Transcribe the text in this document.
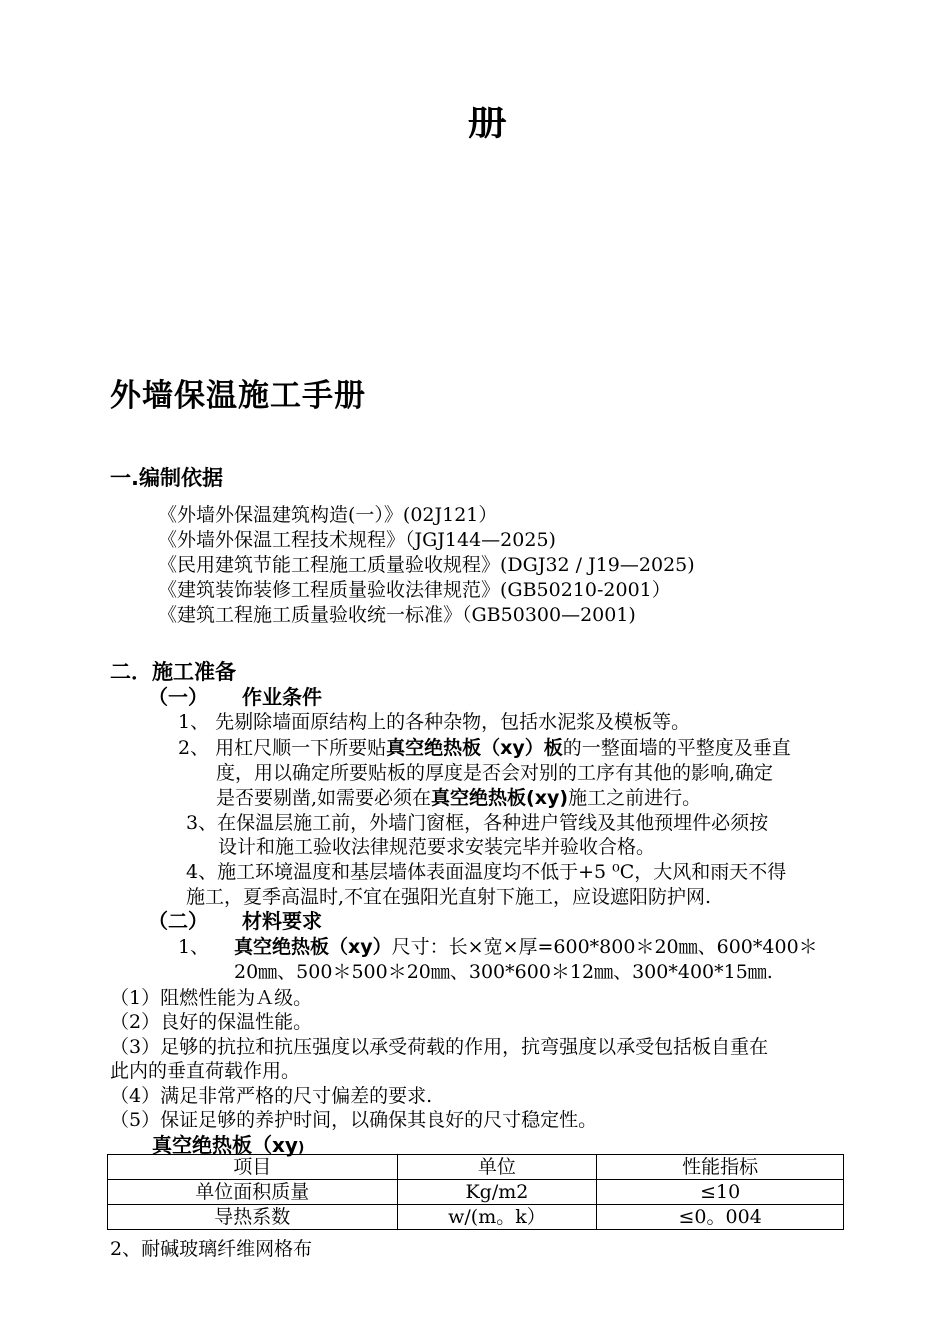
册
外墙保温施工手册
一.编制依据
《外墙外保温建筑构造(一）》(02J121）
《外墙外保温工程技术规程》（JGJ144—2025)
《民用建筑节能工程施工质量验收规程》(DGJ32 / J19—2025)
《建筑装饰装修工程质量验收法律规范》(GB50210-2001）
《建筑工程施工质量验收统一标准》（GB50300—2001)
二．施工准备
（一） 作业条件
1、 先剔除墙面原结构上的各种杂物，包括水泥浆及模板等。
2、 用杠尺顺一下所要贴真空绝热板（xy）板的一整面墙的平整度及垂直
度，用以确定所要贴板的厚度是否会对别的工序有其他的影响,确定
是否要剔凿,如需要必须在真空绝热板(xy)施工之前进行。
3、在保温层施工前，外墙门窗框，各种进户管线及其他预埋件必须按
设计和施工验收法律规范要求安装完毕并验收合格。
4、施工环境温度和基层墙体表面温度均不低于+5 ⁰C，大风和雨天不得
施工，夏季高温时,不宜在强阳光直射下施工，应设遮阳防护网.
（二） 材料要求
1、 真空绝热板（xy）尺寸：长×宽×厚=600*800＊20㎜、600*400＊
20㎜、500＊500＊20㎜、300*600＊12㎜、300*400*15㎜.
（1）阻燃性能为Ａ级。
（2）良好的保温性能。
（3）足够的抗拉和抗压强度以承受荷载的作用，抗弯强度以承受包括板自重在
此内的垂直荷载作用。
（4）满足非常严格的尺寸偏差的要求.
（5）保证足够的养护时间，以确保其良好的尺寸稳定性。
真空绝热板（xy)
项目	单位	性能指标
单位面积质量	Kg/m2	≤10
导热系数	w/(m。k）	≤0。004
2、耐碱玻璃纤维网格布
